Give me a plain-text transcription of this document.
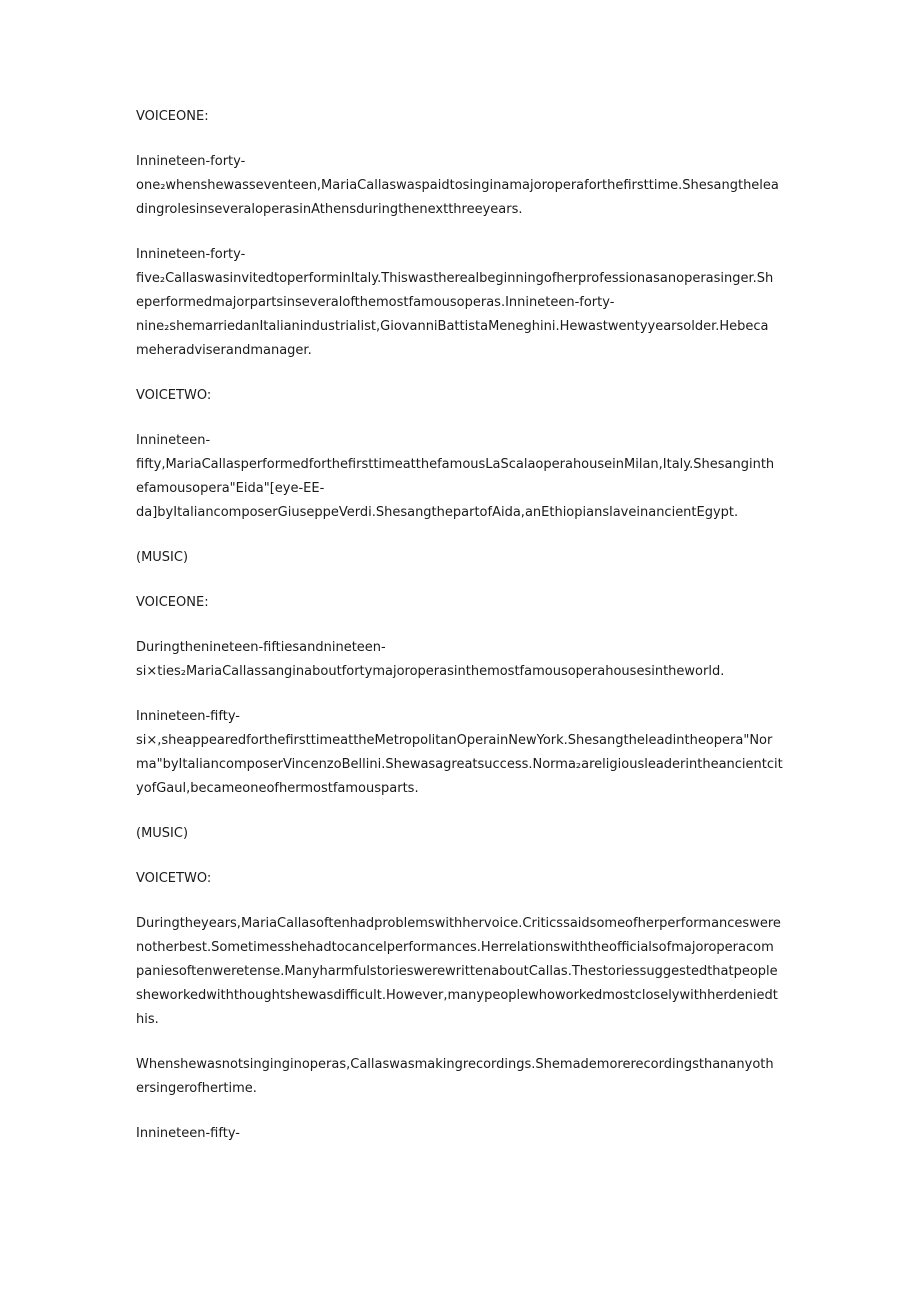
VOICEONE:

Innineteen-forty-
one₂whenshewasseventeen,MariaCallaswaspaidtosinginamajoroperaforthefirsttime.Shesangthelea
dingrolesinseveraloperasinAthensduringthenextthreeyears.

Innineteen-forty-
five₂CallaswasinvitedtoperforminItaly.Thiswastherealbeginningofherprofessionasanoperasinger.Sh
eperformedmajorpartsinseveralofthemostfamousoperas.Innineteen-forty-
nine₂shemarriedanItalianindustrialist,GiovanniBattistaMeneghini.Hewastwentyyearsolder.Hebeca
meheradviserandmanager.

VOICETWO:

Innineteen-
fifty,MariaCallasperformedforthefirsttimeatthefamousLaScalaoperahouseinMilan,Italy.Shesanginth
efamousopera"Eida"[eye-EE-
da]byItaliancomposerGiuseppeVerdi.ShesangthepartofAida,anEthiopianslaveinancientEgypt.

(MUSIC)

VOICEONE:

Duringthenineteen-fiftiesandnineteen-
si×ties₂MariaCallassanginaboutfortymajoroperasinthemostfamousoperahousesintheworld.

Innineteen-fifty-
si×,sheappearedforthefirsttimeattheMetropolitanOperainNewYork.Shesangtheleadintheopera"Nor
ma"byItaliancomposerVincenzoBellini.Shewasagreatsuccess.Norma₂areligiousleaderintheancientcit
yofGaul,becameoneofhermostfamousparts.

(MUSIC)

VOICETWO:

Duringtheyears,MariaCallasoftenhadproblemswithhervoice.Criticssaidsomeofherperformanceswere
notherbest.Sometimesshehadtocancelperformances.Herrelationswiththeofficialsofmajoroperacom
paniesoftenweretense.ManyharmfulstorieswerewrittenaboutCallas.Thestoriessuggestedthatpeople
sheworkedwiththoughtshewasdifficult.However,manypeoplewhoworkedmostcloselywithherdeniedt
his.

Whenshewasnotsinginginoperas,Callaswasmakingrecordings.Shemademorerecordingsthananyoth
ersingerofhertime.

Innineteen-fifty-
